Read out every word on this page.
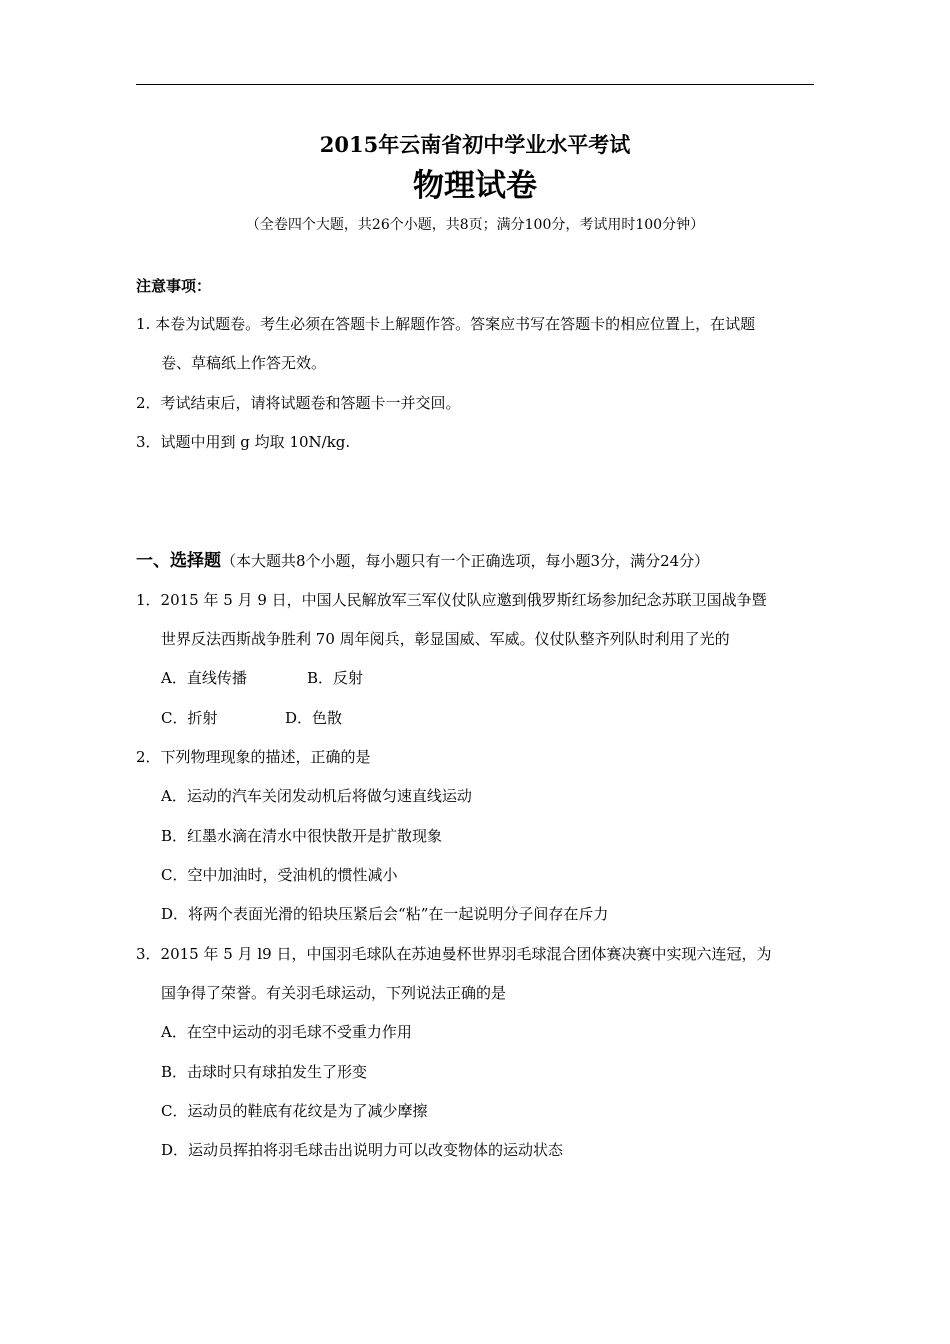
2015年云南省初中学业水平考试
物理试卷
（全卷四个大题，共26个小题，共8页；满分100分，考试用时100分钟）
注意事项：
1. 本卷为试题卷。考生必须在答题卡上解题作答。答案应书写在答题卡的相应位置上，在试题
卷、草稿纸上作答无效。
2．考试结束后，请将试题卷和答题卡一并交回。
3．试题中用到 g 均取 10N/kg.
一、选择题（本大题共8个小题，每小题只有一个正确选项，每小题3分，满分24分）
1．2015 年 5 月 9 日，中国人民解放军三军仪仗队应邀到俄罗斯红场参加纪念苏联卫国战争暨
世界反法西斯战争胜利 70 周年阅兵，彰显国威、军威。仪仗队整齐列队时利用了光的
A．直线传播	B．反射
C．折射	D．色散
2．下列物理现象的描述，正确的是
A．运动的汽车关闭发动机后将做匀速直线运动
B．红墨水滴在清水中很快散开是扩散现象
C．空中加油时，受油机的惯性减小
D．将两个表面光滑的铅块压紧后会“粘”在一起说明分子间存在斥力
3．2015 年 5 月 l9 日，中国羽毛球队在苏迪曼杯世界羽毛球混合团体赛决赛中实现六连冠，为
国争得了荣誉。有关羽毛球运动，下列说法正确的是
A．在空中运动的羽毛球不受重力作用
B．击球时只有球拍发生了形变
C．运动员的鞋底有花纹是为了减少摩擦
D．运动员挥拍将羽毛球击出说明力可以改变物体的运动状态
